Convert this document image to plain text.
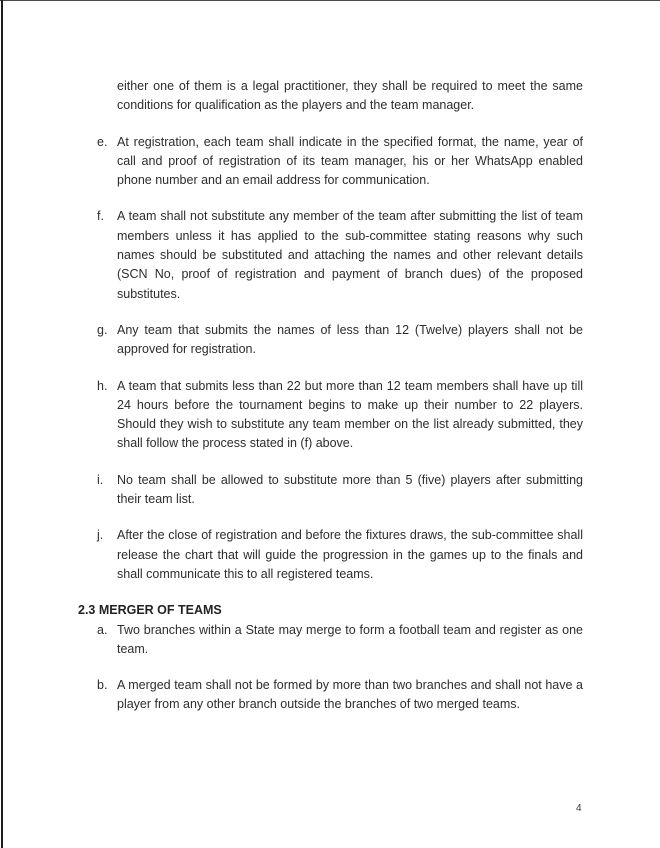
either one of them is a legal practitioner, they shall be required to meet the same conditions for qualification as the players and the team manager.

e. At registration, each team shall indicate in the specified format, the name, year of call and proof of registration of its team manager, his or her WhatsApp enabled phone number and an email address for communication.
f.	A team shall not substitute any member of the team after submitting the list of team members unless it has applied to the sub-committee stating reasons why such names should be substituted and attaching the names and other relevant details (SCN No, proof of registration and payment of branch dues) of the proposed substitutes.
g. Any team that submits the names of less than 12 (Twelve) players shall not be approved for registration.
h. A team that submits less than 22 but more than 12 team members shall have up till 24 hours before the tournament begins to make up their number to 22 players. Should they wish to substitute any team member on the list already submitted, they shall follow the process stated in (f) above.
i.	No team shall be allowed to substitute more than 5 (five) players after submitting their team list.
j.	After the close of registration and before the fixtures draws, the sub-committee shall release the chart that will guide the progression in the games up to the finals and shall communicate this to all registered teams.
2.3 MERGER OF TEAMS
a. Two branches within a State may merge to form a football team and register as one team.
b. A merged team shall not be formed by more than two branches and shall not have a player from any other branch outside the branches of two merged teams.
4
